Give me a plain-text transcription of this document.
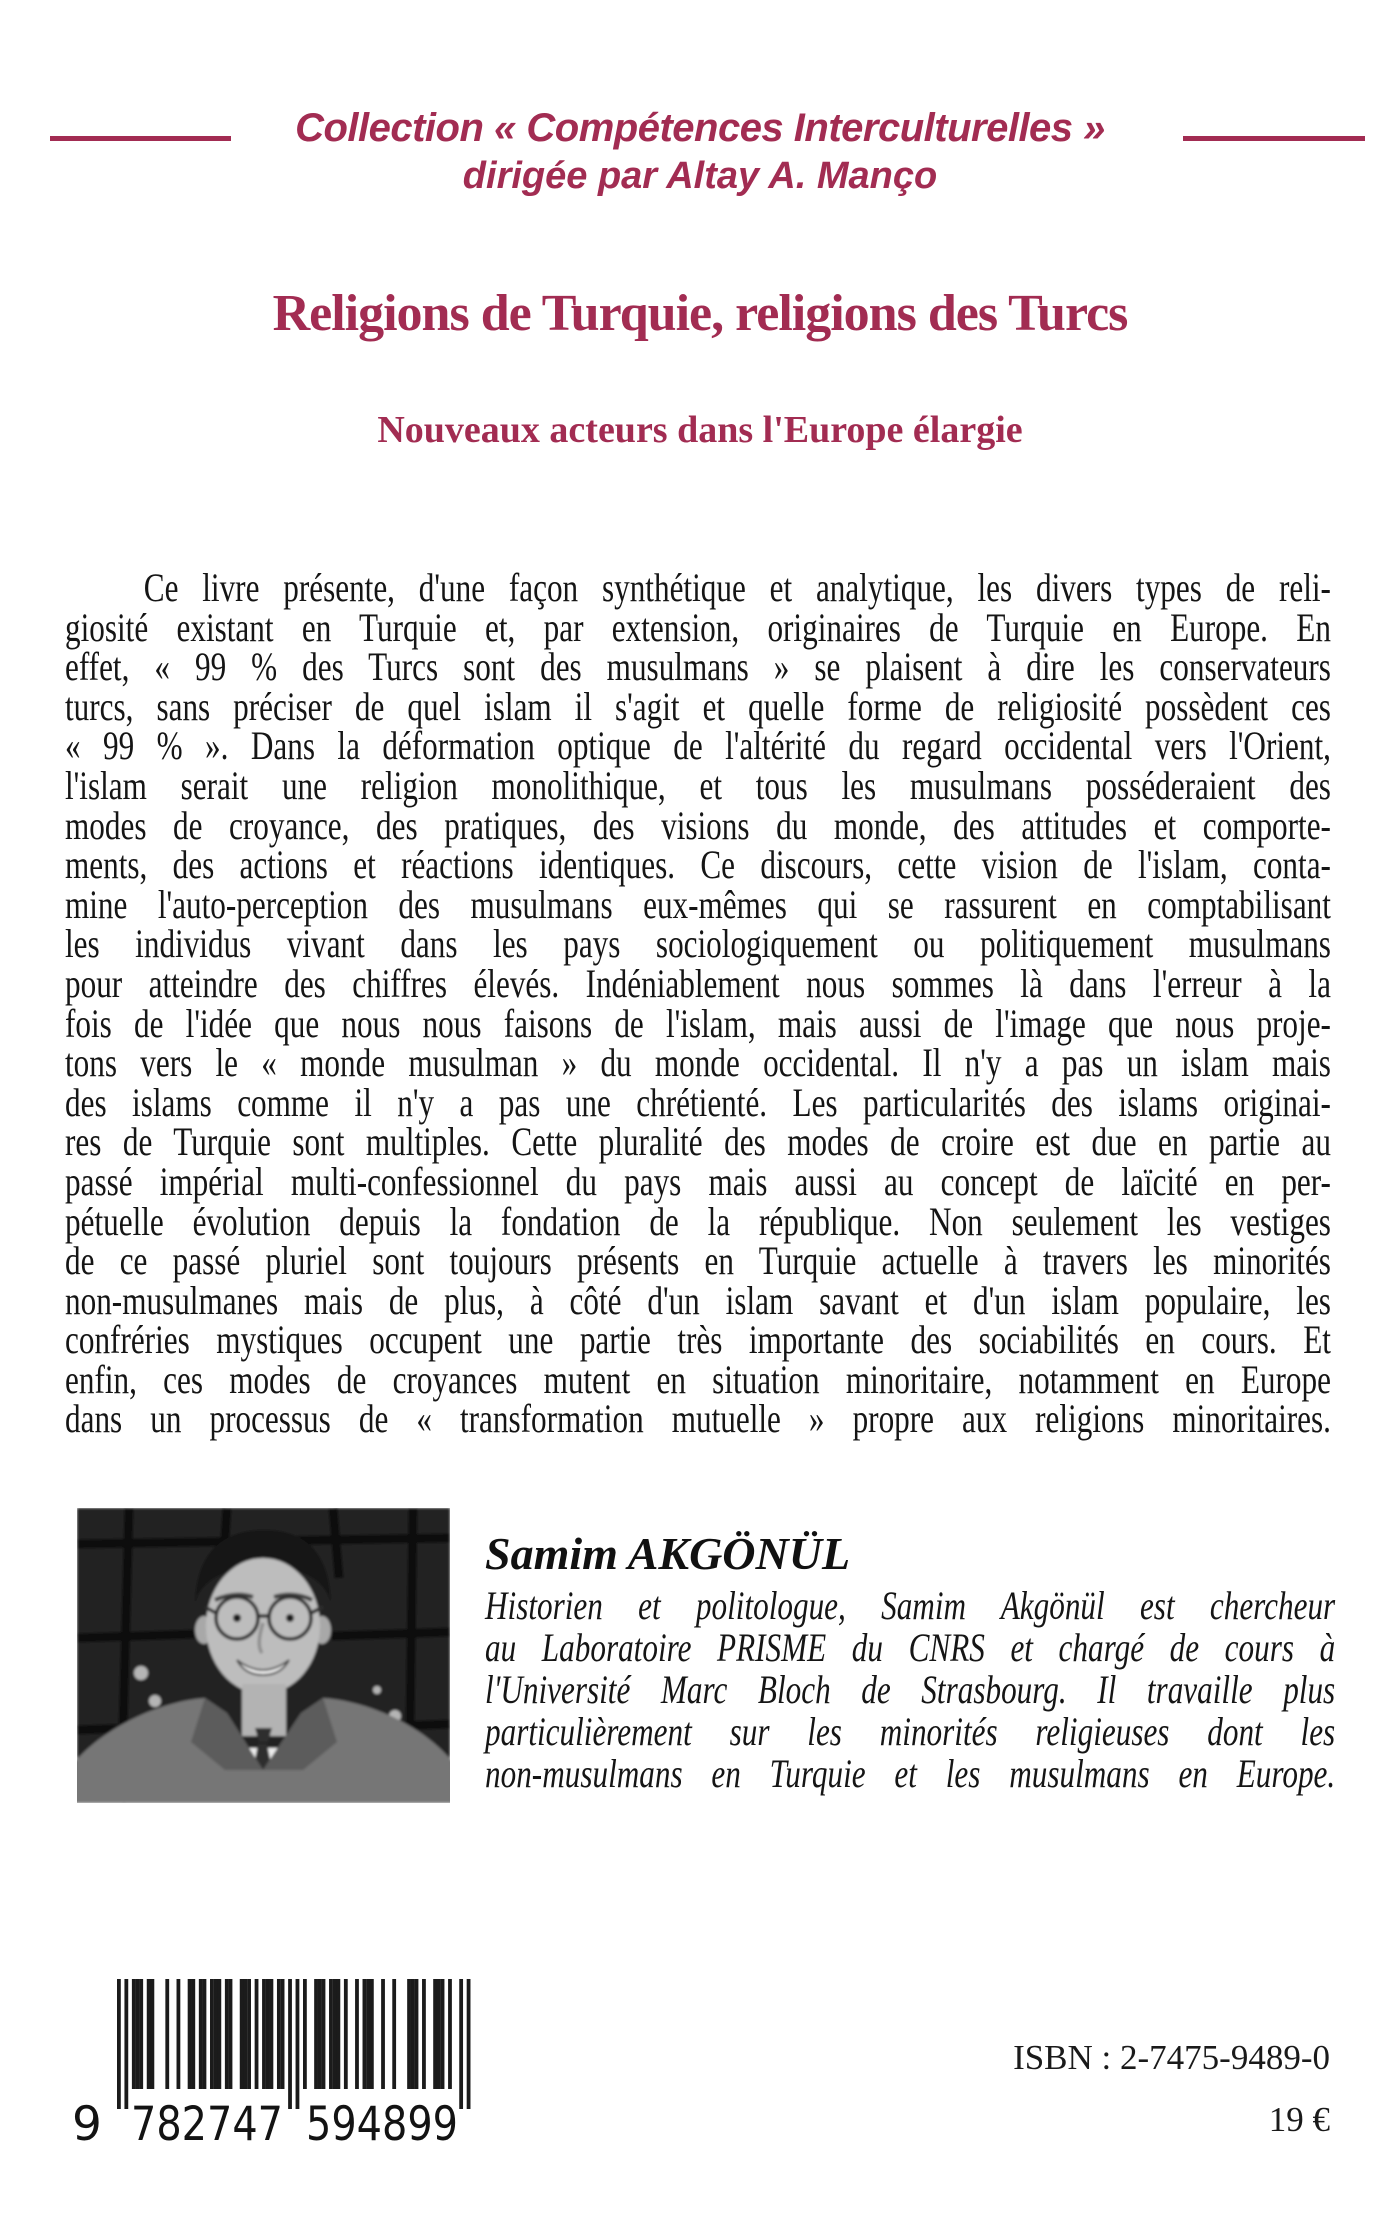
Collection « Compétences Interculturelles »
dirigée par Altay A. Manço
Religions de Turquie, religions des Turcs
Nouveaux acteurs dans l'Europe élargie
Ce livre présente, d'une façon synthétique et analytique, les divers types de reli-
giosité existant en Turquie et, par extension, originaires de Turquie en Europe. En
effet, « 99 % des Turcs sont des musulmans » se plaisent à dire les conservateurs
turcs, sans préciser de quel islam il s'agit et quelle forme de religiosité possèdent ces
« 99 % ». Dans la déformation optique de l'altérité du regard occidental vers l'Orient,
l'islam serait une religion monolithique, et tous les musulmans posséderaient des
modes de croyance, des pratiques, des visions du monde, des attitudes et comporte-
ments, des actions et réactions identiques. Ce discours, cette vision de l'islam, conta-
mine l'auto-perception des musulmans eux-mêmes qui se rassurent en comptabilisant
les individus vivant dans les pays sociologiquement ou politiquement musulmans
pour atteindre des chiffres élevés. Indéniablement nous sommes là dans l'erreur à la
fois de l'idée que nous nous faisons de l'islam, mais aussi de l'image que nous proje-
tons vers le « monde musulman » du monde occidental. Il n'y a pas un islam mais
des islams comme il n'y a pas une chrétienté. Les particularités des islams originai-
res de Turquie sont multiples. Cette pluralité des modes de croire est due en partie au
passé impérial multi-confessionnel du pays mais aussi au concept de laïcité en per-
pétuelle évolution depuis la fondation de la république. Non seulement les vestiges
de ce passé pluriel sont toujours présents en Turquie actuelle à travers les minorités
non-musulmanes mais de plus, à côté d'un islam savant et d'un islam populaire, les
confréries mystiques occupent une partie très importante des sociabilités en cours. Et
enfin, ces modes de croyances mutent en situation minoritaire, notamment en Europe
dans un processus de « transformation mutuelle » propre aux religions minoritaires.
Samim AKGÖNÜL
Historien et politologue, Samim Akgönül est chercheur
au Laboratoire PRISME du CNRS et chargé de cours à
l'Université Marc Bloch de Strasbourg. Il travaille plus
particulièrement sur les minorités religieuses dont les
non-musulmans en Turquie et les musulmans en Europe.
9 782747 594899
ISBN : 2-7475-9489-0
19 €
